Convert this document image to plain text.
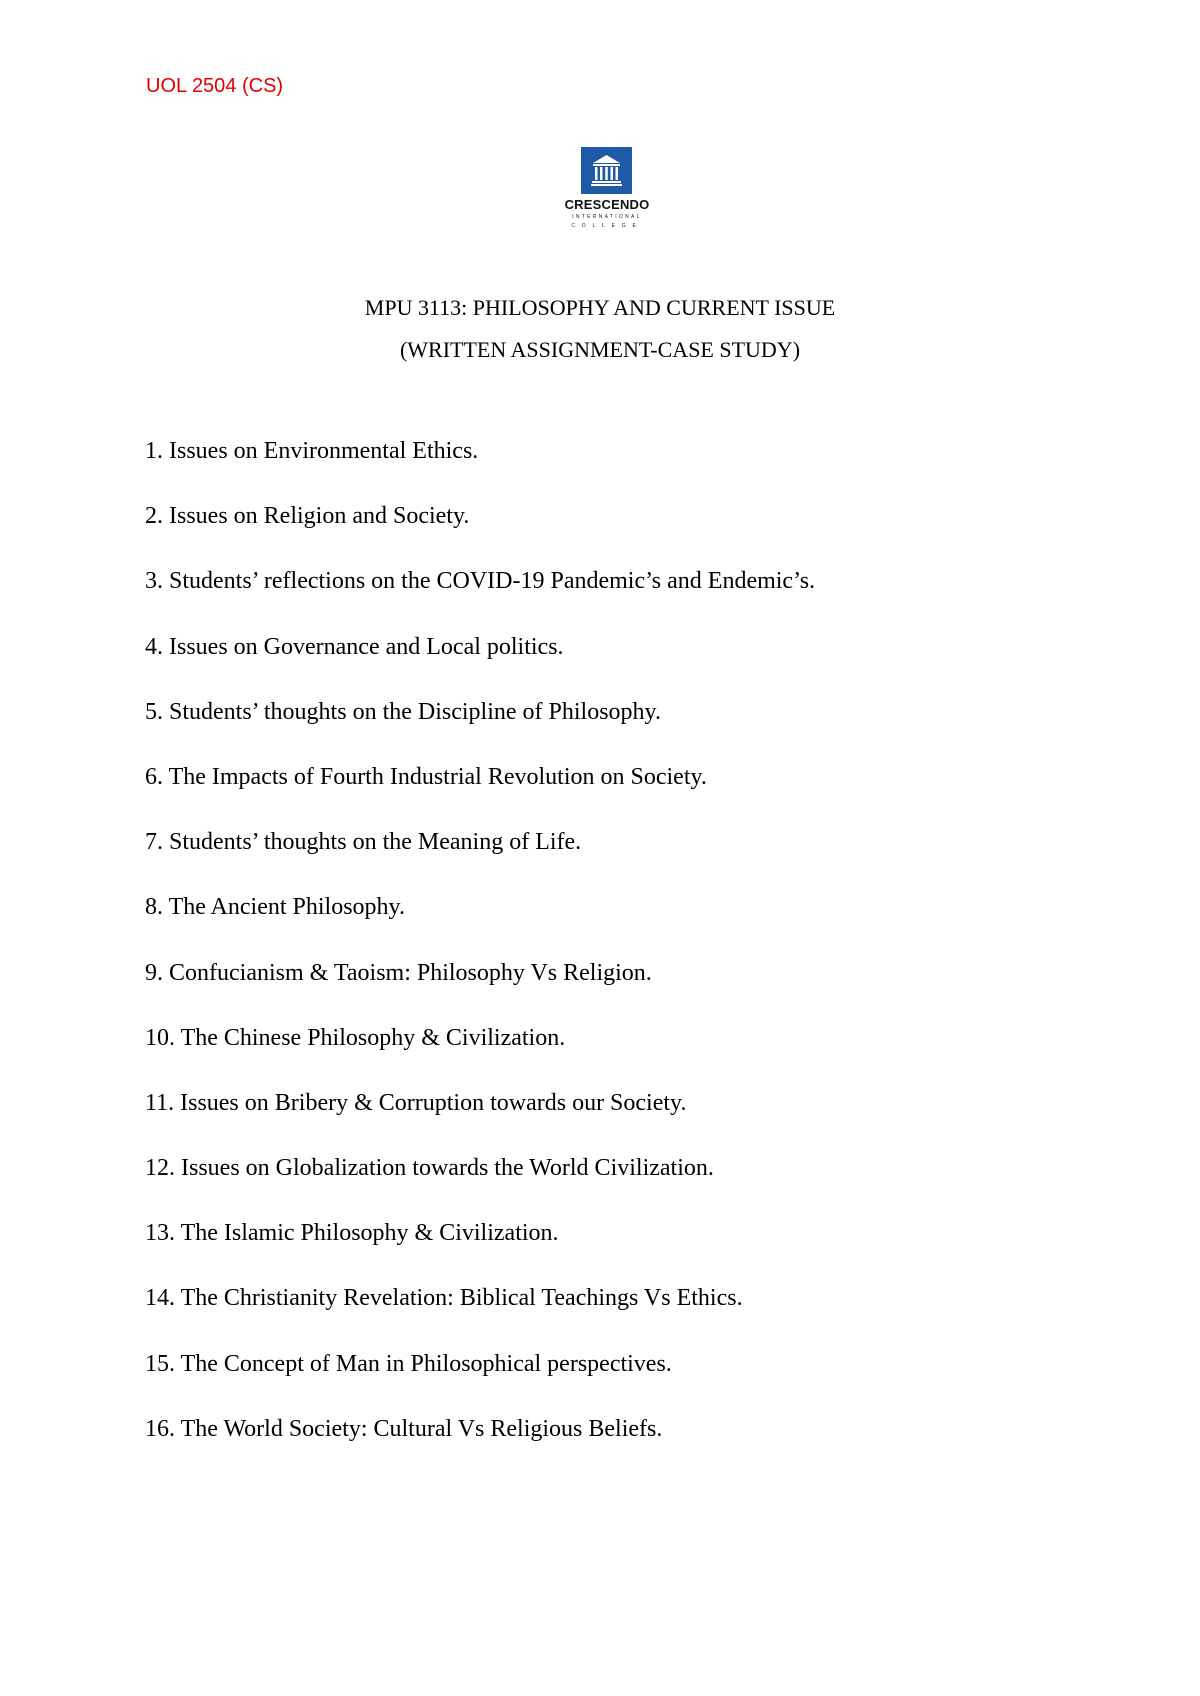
UOL 2504 (CS)
CRESCENDO
INTERNATIONAL
COLLEGE
MPU 3113: PHILOSOPHY AND CURRENT ISSUE
(WRITTEN ASSIGNMENT-CASE STUDY)
1. Issues on Environmental Ethics.
2. Issues on Religion and Society.
3. Students’ reflections on the COVID-19 Pandemic’s and Endemic’s.
4. Issues on Governance and Local politics.
5. Students’ thoughts on the Discipline of Philosophy.
6. The Impacts of Fourth Industrial Revolution on Society.
7. Students’ thoughts on the Meaning of Life.
8. The Ancient Philosophy.
9. Confucianism & Taoism: Philosophy Vs Religion.
10. The Chinese Philosophy & Civilization.
11. Issues on Bribery & Corruption towards our Society.
12. Issues on Globalization towards the World Civilization.
13. The Islamic Philosophy & Civilization.
14. The Christianity Revelation: Biblical Teachings Vs Ethics.
15. The Concept of Man in Philosophical perspectives.
16. The World Society: Cultural Vs Religious Beliefs.
